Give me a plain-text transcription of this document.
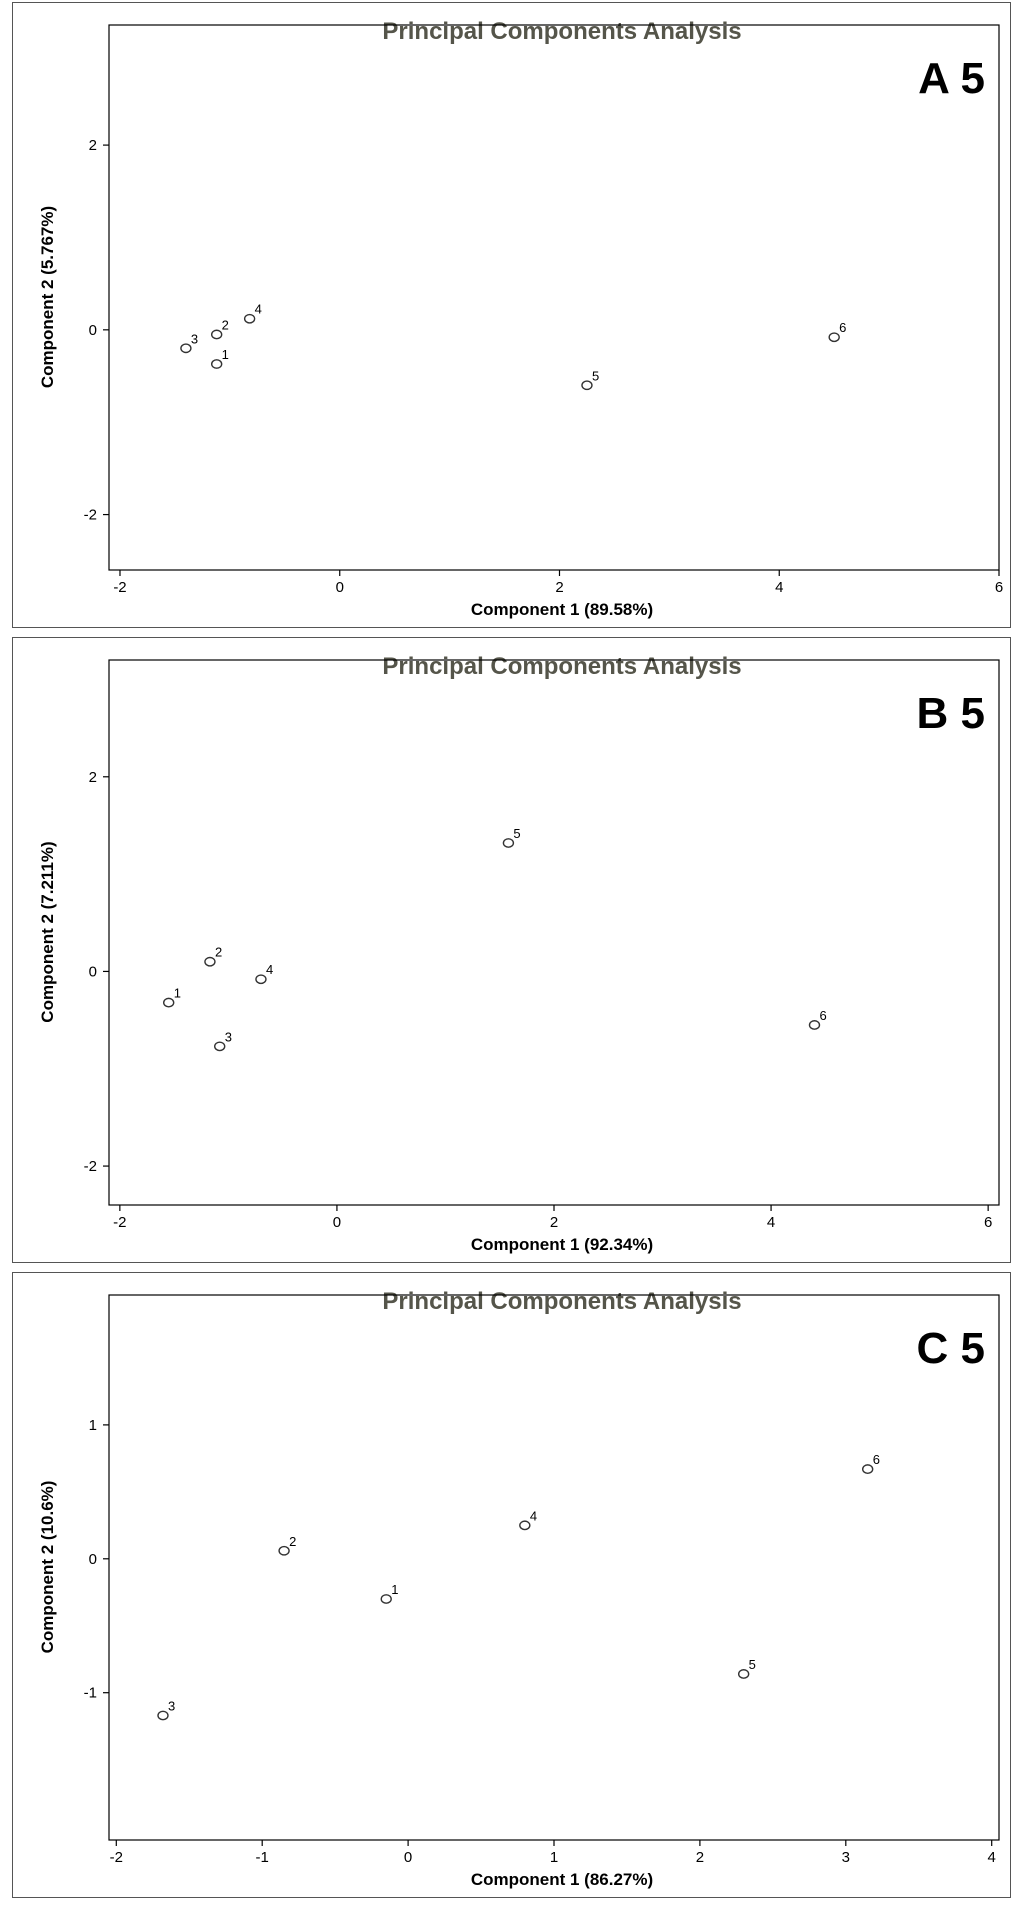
Principal Components Analysis
A 5
Component 1 (89.58%)
Component 2 (5.767%)
-2	0	2	4	6
-2
0
2
1
2
3
4
5
6
Principal Components Analysis
B 5
Component 1 (92.34%)
Component 2 (7.211%)
-2	0	2	4	6
-2
0
2
1
2
3
4
5
6
Principal Components Analysis
C 5
Component 1 (86.27%)
Component 2 (10.6%)
-2	-1	0	1	2	3	4
-1
0
1
1
2
3
4
5
6
